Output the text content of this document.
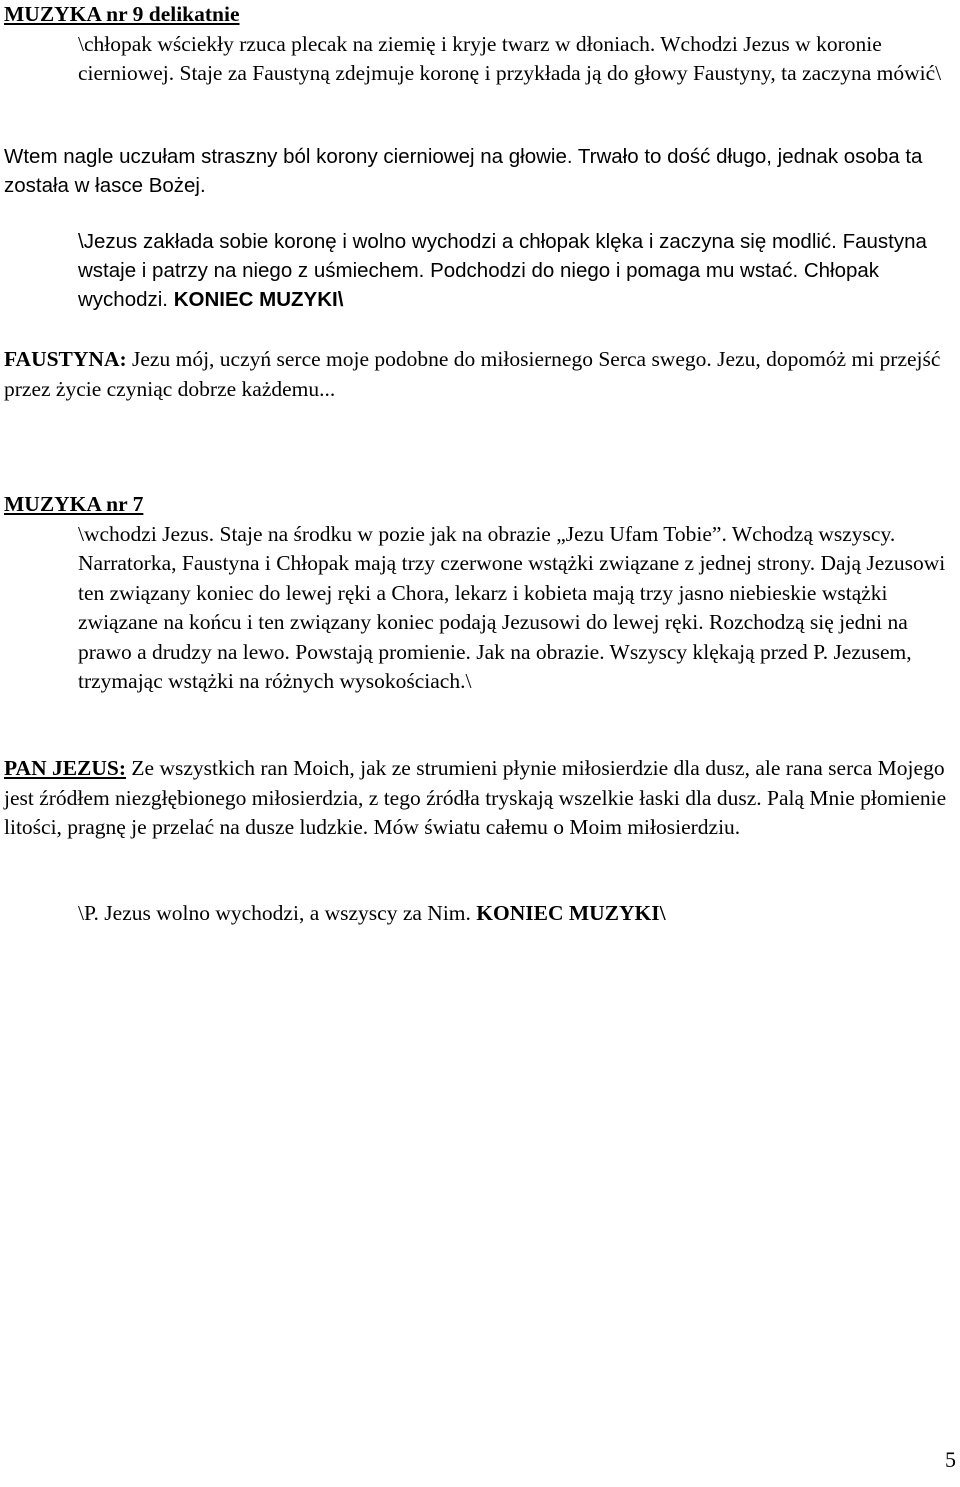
MUZYKA nr 9 delikatnie

\chłopak wściekły rzuca plecak na ziemię i kryje twarz w dłoniach. Wchodzi Jezus w koronie cierniowej. Staje za Faustyną zdejmuje koronę i przykłada ją do głowy Faustyny, ta zaczyna mówić\

Wtem nagle uczułam straszny ból korony cierniowej na głowie. Trwało to dość długo, jednak osoba ta została w łasce Bożej.

\Jezus zakłada sobie koronę i wolno wychodzi a chłopak klęka i zaczyna się modlić. Faustyna wstaje i patrzy na niego z uśmiechem. Podchodzi do niego i pomaga mu wstać. Chłopak wychodzi. KONIEC MUZYKI\

FAUSTYNA: Jezu mój, uczyń serce moje podobne do miłosiernego Serca swego. Jezu, dopomóż mi przejść przez życie czyniąc dobrze każdemu...

MUZYKA nr 7

\wchodzi Jezus. Staje na środku w pozie jak na obrazie „Jezu Ufam Tobie”. Wchodzą wszyscy. Narratorka, Faustyna i Chłopak mają trzy czerwone wstążki związane z jednej strony. Dają Jezusowi ten związany koniec do lewej ręki a Chora, lekarz i kobieta mają trzy jasno niebieskie wstążki związane na końcu i ten związany koniec podają Jezusowi do lewej ręki. Rozchodzą się jedni na prawo a drudzy na lewo. Powstają promienie. Jak na obrazie. Wszyscy klękają przed P. Jezusem, trzymając wstążki na różnych wysokościach.\

PAN JEZUS: Ze wszystkich ran Moich, jak ze strumieni płynie miłosierdzie dla dusz, ale rana serca Mojego jest źródłem niezgłębionego miłosierdzia, z tego źródła tryskają wszelkie łaski dla dusz. Palą Mnie płomienie litości, pragnę je przelać na dusze ludzkie. Mów światu całemu o Moim miłosierdziu.

\P. Jezus wolno wychodzi, a wszyscy za Nim. KONIEC MUZYKI\

5
